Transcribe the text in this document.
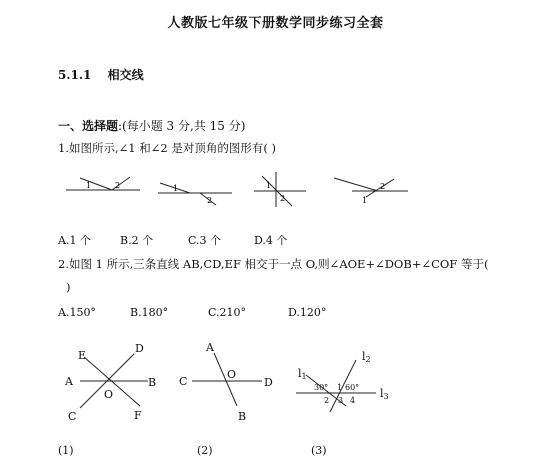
人教版七年级下册数学同步练习全套
5.1.1 相交线
一、选择题:(每小题 3 分,共 15 分)
1.如图所示,∠1 和∠2 是对顶角的图形有( )
1	2	1
2
1
2
2
1
A.1 个	B.2 个	C.3 个	D.4 个
2.如图 1 所示,三条直线 AB,CD,EF 相交于一点 O,则∠AOE+∠DOB+∠COF 等于(
)
A.150°	B.180°	C.210°	D.120°
E
D
A
O
B
C	F
A
C
O
D
B
l1
l2
l3
30° 1 60°
2 3 4
(1)	(2)	(3)
